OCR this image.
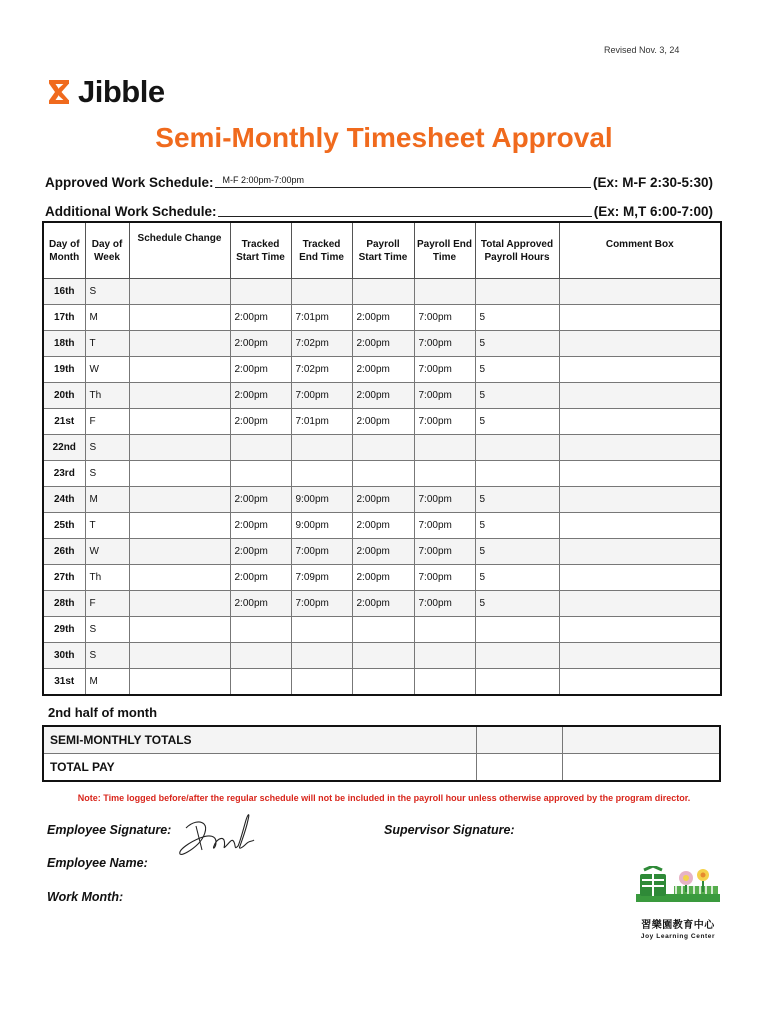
Revised Nov. 3, 24
Jibble
Semi-Monthly Timesheet Approval
Approved Work Schedule:	M-F 2:00pm-7:00pm	(Ex: M-F 2:30-5:30)
Additional Work Schedule:	(Ex: M,T 6:00-7:00)
Day of Month	Day of Week	Schedule Change	Tracked Start Time	Tracked End Time	Payroll Start Time	Payroll End Time	Total Approved Payroll Hours	Comment Box
16th	S							
17th	M		2:00pm	7:01pm	2:00pm	7:00pm	5	
18th	T		2:00pm	7:02pm	2:00pm	7:00pm	5	
19th	W		2:00pm	7:02pm	2:00pm	7:00pm	5	
20th	Th		2:00pm	7:00pm	2:00pm	7:00pm	5	
21st	F		2:00pm	7:01pm	2:00pm	7:00pm	5	
22nd	S							
23rd	S							
24th	M		2:00pm	9:00pm	2:00pm	7:00pm	5	
25th	T		2:00pm	9:00pm	2:00pm	7:00pm	5	
26th	W		2:00pm	7:00pm	2:00pm	7:00pm	5	
27th	Th		2:00pm	7:09pm	2:00pm	7:00pm	5	
28th	F		2:00pm	7:00pm	2:00pm	7:00pm	5	
29th	S							
30th	S							
31st	M							
2nd half of month
SEMI-MONTHLY TOTALS		
TOTAL PAY		
Note: Time logged before/after the regular schedule will not be included in the payroll hour unless otherwise approved by the program director.
Employee Signature:	Supervisor Signature:
Employee Name:
Work Month:
習樂園教育中心
Joy Learning Center
